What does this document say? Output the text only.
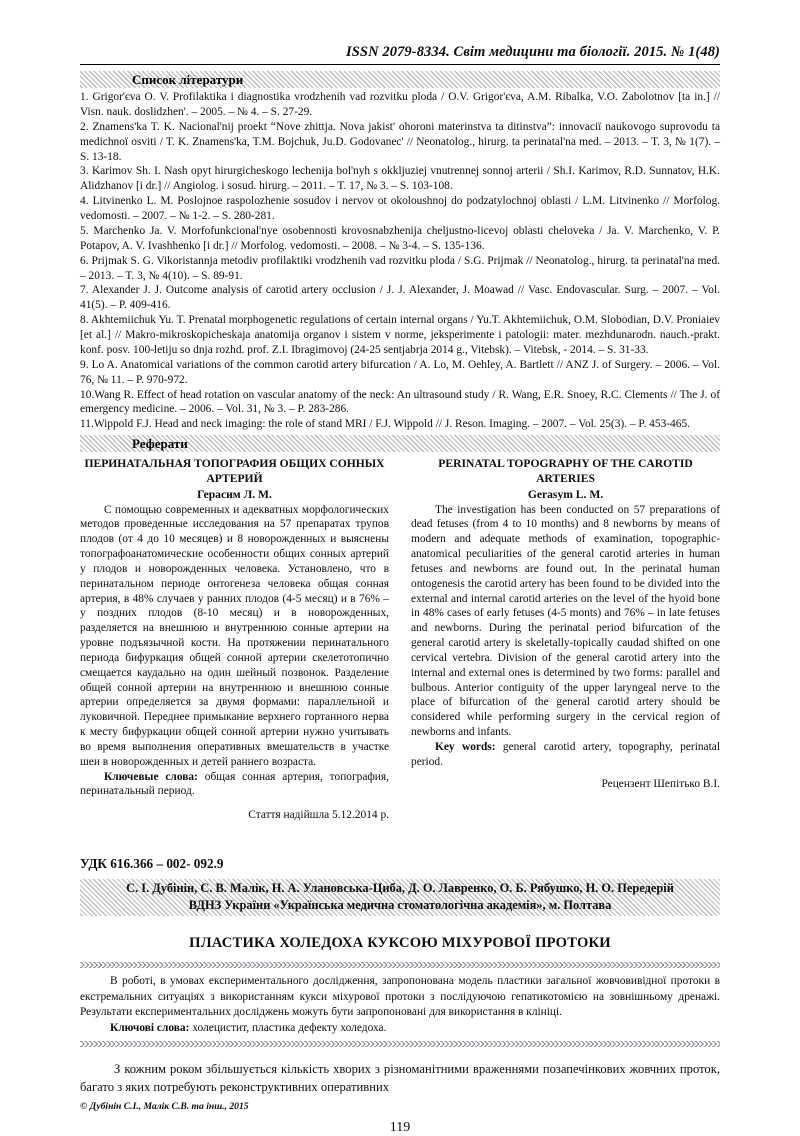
ISSN 2079-8334. Світ медицини та біології. 2015. № 1(48)
Список літератури

1. Grigor'єva O. V. Profilaktika i diagnostika vrodzhenih vad rozvitku ploda / O.V. Grigor'єva, A.M. Ribalka, V.O. Zabolotnov [ta in.] // Visn. nauk. doslidzhen'. – 2005. – № 4. – S. 27-29.

2. Znamens'ka T. K. Nacional'nij proekt “Nove zhittja. Nova jakist' ohoroni materinstva ta ditinstva”: innovaciї naukovogo suprovodu ta medichnoї osviti / T. K. Znamens'ka, T.M. Bojchuk, Ju.D. Godovanec' // Neonatolog., hirurg. ta perinatal'na med. – 2013. – T. 3, № 1(7). – S. 13-18.

3. Karimov Sh. I. Nash opyt hirurgicheskogo lechenija bol'nyh s okkljuziej vnutrennej sonnoj arterii / Sh.I. Karimov, R.D. Sunnatov, H.K. Alidzhanov [i dr.] // Angiolog. i sosud. hirurg. – 2011. – T. 17, № 3. – S. 103-108.

4. Litvinenko L. M. Poslojnoe raspolozhenie sosudov i nervov ot okoloushnoj do podzatylochnoj oblasti / L.M. Litvinenko // Morfolog. vedomosti. – 2007. – № 1-2. – S. 280-281.

5. Marchenko Ja. V. Morfofunkcional'nye osobennosti krovosnabzhenija cheljustno-licevoj oblasti cheloveka / Ja. V. Marchenko, V. P. Potapov, A. V. Ivashhenko [i dr.] // Morfolog. vedomosti. – 2008. – № 3-4. – S. 135-136.

6. Prijmak S. G. Vikoristannja metodiv profilaktiki vrodzhenih vad rozvitku ploda / S.G. Prijmak // Neonatolog., hirurg. ta perinatal'na med. – 2013. – T. 3, № 4(10). – S. 89-91.

7. Alexander J. J. Outcome analysis of carotid artery occlusion / J. J. Alexander, J. Moawad // Vasc. Endovascular. Surg. – 2007. – Vol. 41(5). – P. 409-416.

8. Akhtemiichuk Yu. T. Prenatal morphogenetic regulations of certain internal organs / Yu.T. Akhtemiichuk, O.M. Slobodian, D.V. Proniaiev [et al.] // Makro-mikroskopicheskaja anatomija organov i sistem v norme, jeksperimente i patologii: mater. mezhdunarodn. nauch.-prakt. konf. posv. 100-letiju so dnja rozhd. prof. Z.I. Ibragimovoj (24-25 sentjabrja 2014 g., Vitebsk). – Vitebsk, - 2014. – S. 31-33.

9. Lo A. Anatomical variations of the common carotid artery bifurcation / A. Lo, M. Oehley, A. Bartlett // ANZ J. of Surgery. – 2006. – Vol. 76, № 11. – P. 970-972.

10.Wang R. Effect of head rotation on vascular anatomy of the neck: An ultrasound study / R. Wang, E.R. Snoey, R.C. Clements // The J. of emergency medicine. – 2006. – Vol. 31, № 3. – P. 283-286.

11.Wippold F.J. Head and neck imaging: the role of stand MRI / F.J. Wippold // J. Reson. Imaging. – 2007. – Vol. 25(3). – P. 453-465.

Реферати

ПЕРИНАТАЛЬНАЯ ТОПОГРАФИЯ ОБЩИХ СОННЫХ АРТЕРИЙ

Герасим Л. М.

С помощью современных и адекватных морфологических методов проведенные исследования на 57 препаратах трупов плодов (от 4 до 10 месяцев) и 8 новорожденных и выяснены топографоанатомические особенности общих сонных артерий у плодов и новорожденных человека. Установлено, что в перинатальном периоде онтогенеза человека общая сонная артерия, в 48% случаев у ранних плодов (4-5 месяц) и в 76% – у поздних плодов (8-10 месяц) и в новорожденных, разделяется на внешнюю и внутреннюю сонные артерии на уровне подъязычной кости. На протяжении перинатального периода бифуркация общей сонной артерии скелетотопично смещается каудально на один шейный позвонок. Разделение общей сонной артерии на внутреннюю и внешнюю сонные артерии определяется за двумя формами: параллельной и луковичной. Переднее примыкание верхнего гортанного нерва к месту бифуркации общей сонной артерии нужно учитывать во время выполнения оперативных вмешательств в участке шеи в новорожденных и детей раннего возраста.

Ключевые слова: общая сонная артерия, топография, перинатальный период.

Стаття надійшла 5.12.2014 р.

PERINATAL TOPOGRAPHY OF THE CAROTID ARTERIES

Gerasym L. M.

The investigation has been conducted on 57 preparations of dead fetuses (from 4 to 10 months) and 8 newborns by means of modern and adequate methods of examination, topographic-anatomical peculiarities of the general carotid arteries in human fetuses and newborns are found out. In the perinatal human ontogenesis the carotid artery has been found to be divided into the external and internal carotid arteries on the level of the hyoid bone in 48% cases of early fetuses (4-5 monts) and 76% – in late fetuses and newborns. During the perinatal period bifurcation of the general carotid artery is skeletally-topically caudad shifted on one cervical vertebra. Division of the general carotid artery into the internal and external ones is determined by two forms: parallel and bulbous. Anterior contiguity of the upper laryngeal nerve to the place of bifurcation of the general carotid artery should be considered while performing surgery in the cervical region of newborns and infants.

Key words: general carotid artery, topography, perinatal period.

Рецензент Шепітько В.І.

УДК 616.366 – 002- 092.9
С. І. Дубінін, С. В. Малік, Н. А. Улановська-Циба, Д. О. Лавренко, О. Б. Рябушко, Н. О. Передерій
ВДНЗ України «Українська медична стоматологічна академія», м. Полтава
ПЛАСТИКА ХОЛЕДОХА КУКСОЮ МІХУРОВОЇ ПРОТОКИ

В роботі, в умовах експериментального дослідження, запропонована модель пластики загальної жовчовивідної протоки в екстремальних ситуаціях з використанням кукси міхурової протоки з послідуючою гепатикотомією на зовнішньому дренажі. Результати експериментальних досліджень можуть бути запропоновані для використання в клініці.

Ключові слова: холецистит, пластика дефекту холедоха.

З кожним роком збільшується кількість хворих з різноманітними враженнями позапечінкових жовчних проток, багато з яких потребують реконструктивних оперативних

© Дубінін С.І., Малік С.В. та інш., 2015
119
